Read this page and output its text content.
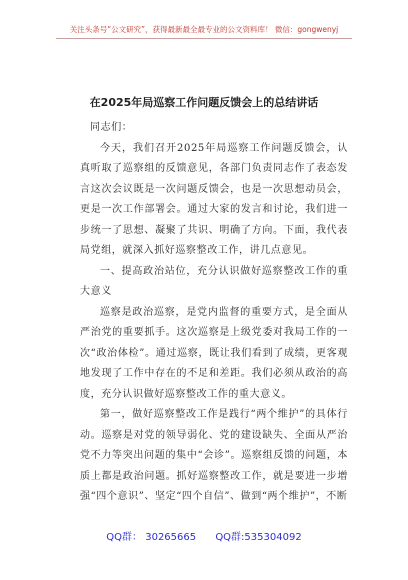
关注头条号“公文研究”，获得最新最全最专业的公文资料库！ 微信：gongwenyj
在2025年局巡察工作问题反馈会上的总结讲话

同志们：

今天，我们召开2025年局巡察工作问题反馈会，认真听取了巡察组的反馈意见，各部门负责同志作了表态发言这次会议既是一次问题反馈会，也是一次思想动员会，更是一次工作部署会。通过大家的发言和讨论，我们进一步统一了思想、凝聚了共识、明确了方向。下面，我代表局党组，就深入抓好巡察整改工作，讲几点意见。

一、提高政治站位，充分认识做好巡察整改工作的重大意义

巡察是政治巡察，是党内监督的重要方式，是全面从严治党的重要抓手。这次巡察是上级党委对我局工作的一次“政治体检”。通过巡察，既让我们看到了成绩，更客观地发现了工作中存在的不足和差距。我们必须从政治的高度，充分认识做好巡察整改工作的重大意义。

第一，做好巡察整改工作是践行“两个维护”的具体行动。巡察是对党的领导弱化、党的建设缺失、全面从严治党不力等突出问题的集中“会诊”。巡察组反馈的问题，本质上都是政治问题。抓好巡察整改工作，就是要进一步增强“四个意识”、坚定“四个自信”、做到“两个维护”，不断

QQ群： 30265665 QQ群:535304092
